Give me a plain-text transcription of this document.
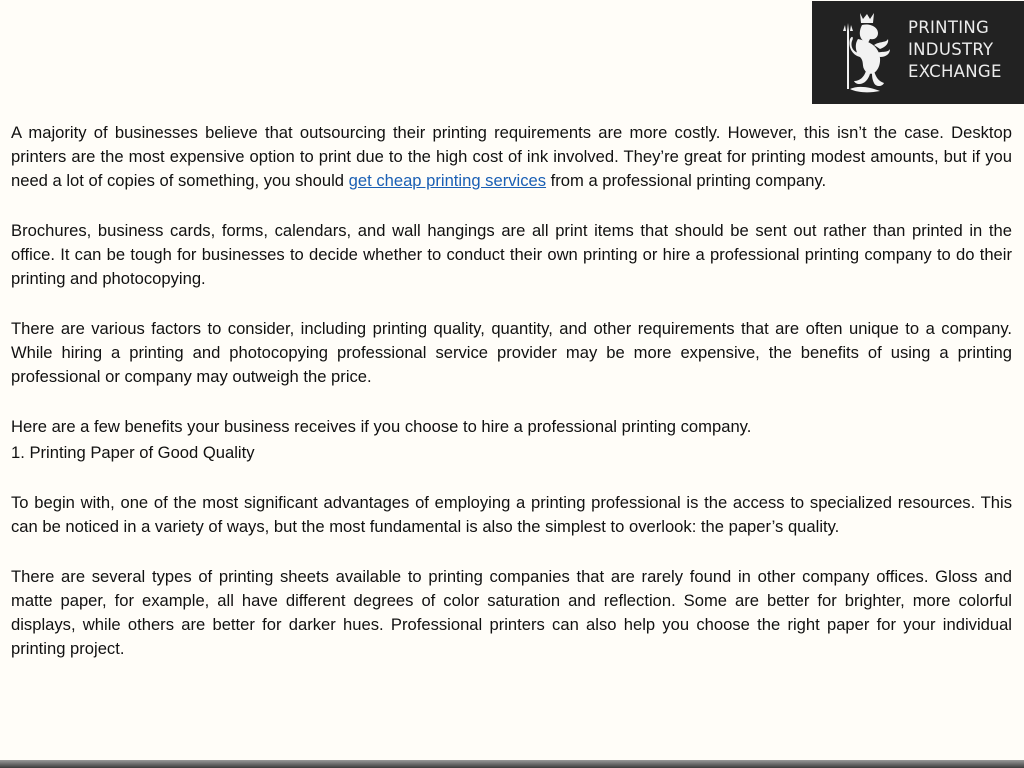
PRINTING
INDUSTRY
EXCHANGE

A majority of businesses believe that outsourcing their printing requirements are more costly. However, this isn’t the case. Desktop printers are the most expensive option to print due to the high cost of ink involved. They’re great for printing modest amounts, but if you need a lot of copies of something, you should get cheap printing services from a professional printing company.

Brochures, business cards, forms, calendars, and wall hangings are all print items that should be sent out rather than printed in the office. It can be tough for businesses to decide whether to conduct their own printing or hire a professional printing company to do their printing and photocopying.

There are various factors to consider, including printing quality, quantity, and other requirements that are often unique to a company. While hiring a printing and photocopying professional service provider may be more expensive, the benefits of using a printing professional or company may outweigh the price.

Here are a few benefits your business receives if you choose to hire a professional printing company.

1. Printing Paper of Good Quality

To begin with, one of the most significant advantages of employing a printing professional is the access to specialized resources. This can be noticed in a variety of ways, but the most fundamental is also the simplest to overlook: the paper’s quality.

There are several types of printing sheets available to printing companies that are rarely found in other company offices. Gloss and matte paper, for example, all have different degrees of color saturation and reflection. Some are better for brighter, more colorful displays, while others are better for darker hues. Professional printers can also help you choose the right paper for your individual printing project.
